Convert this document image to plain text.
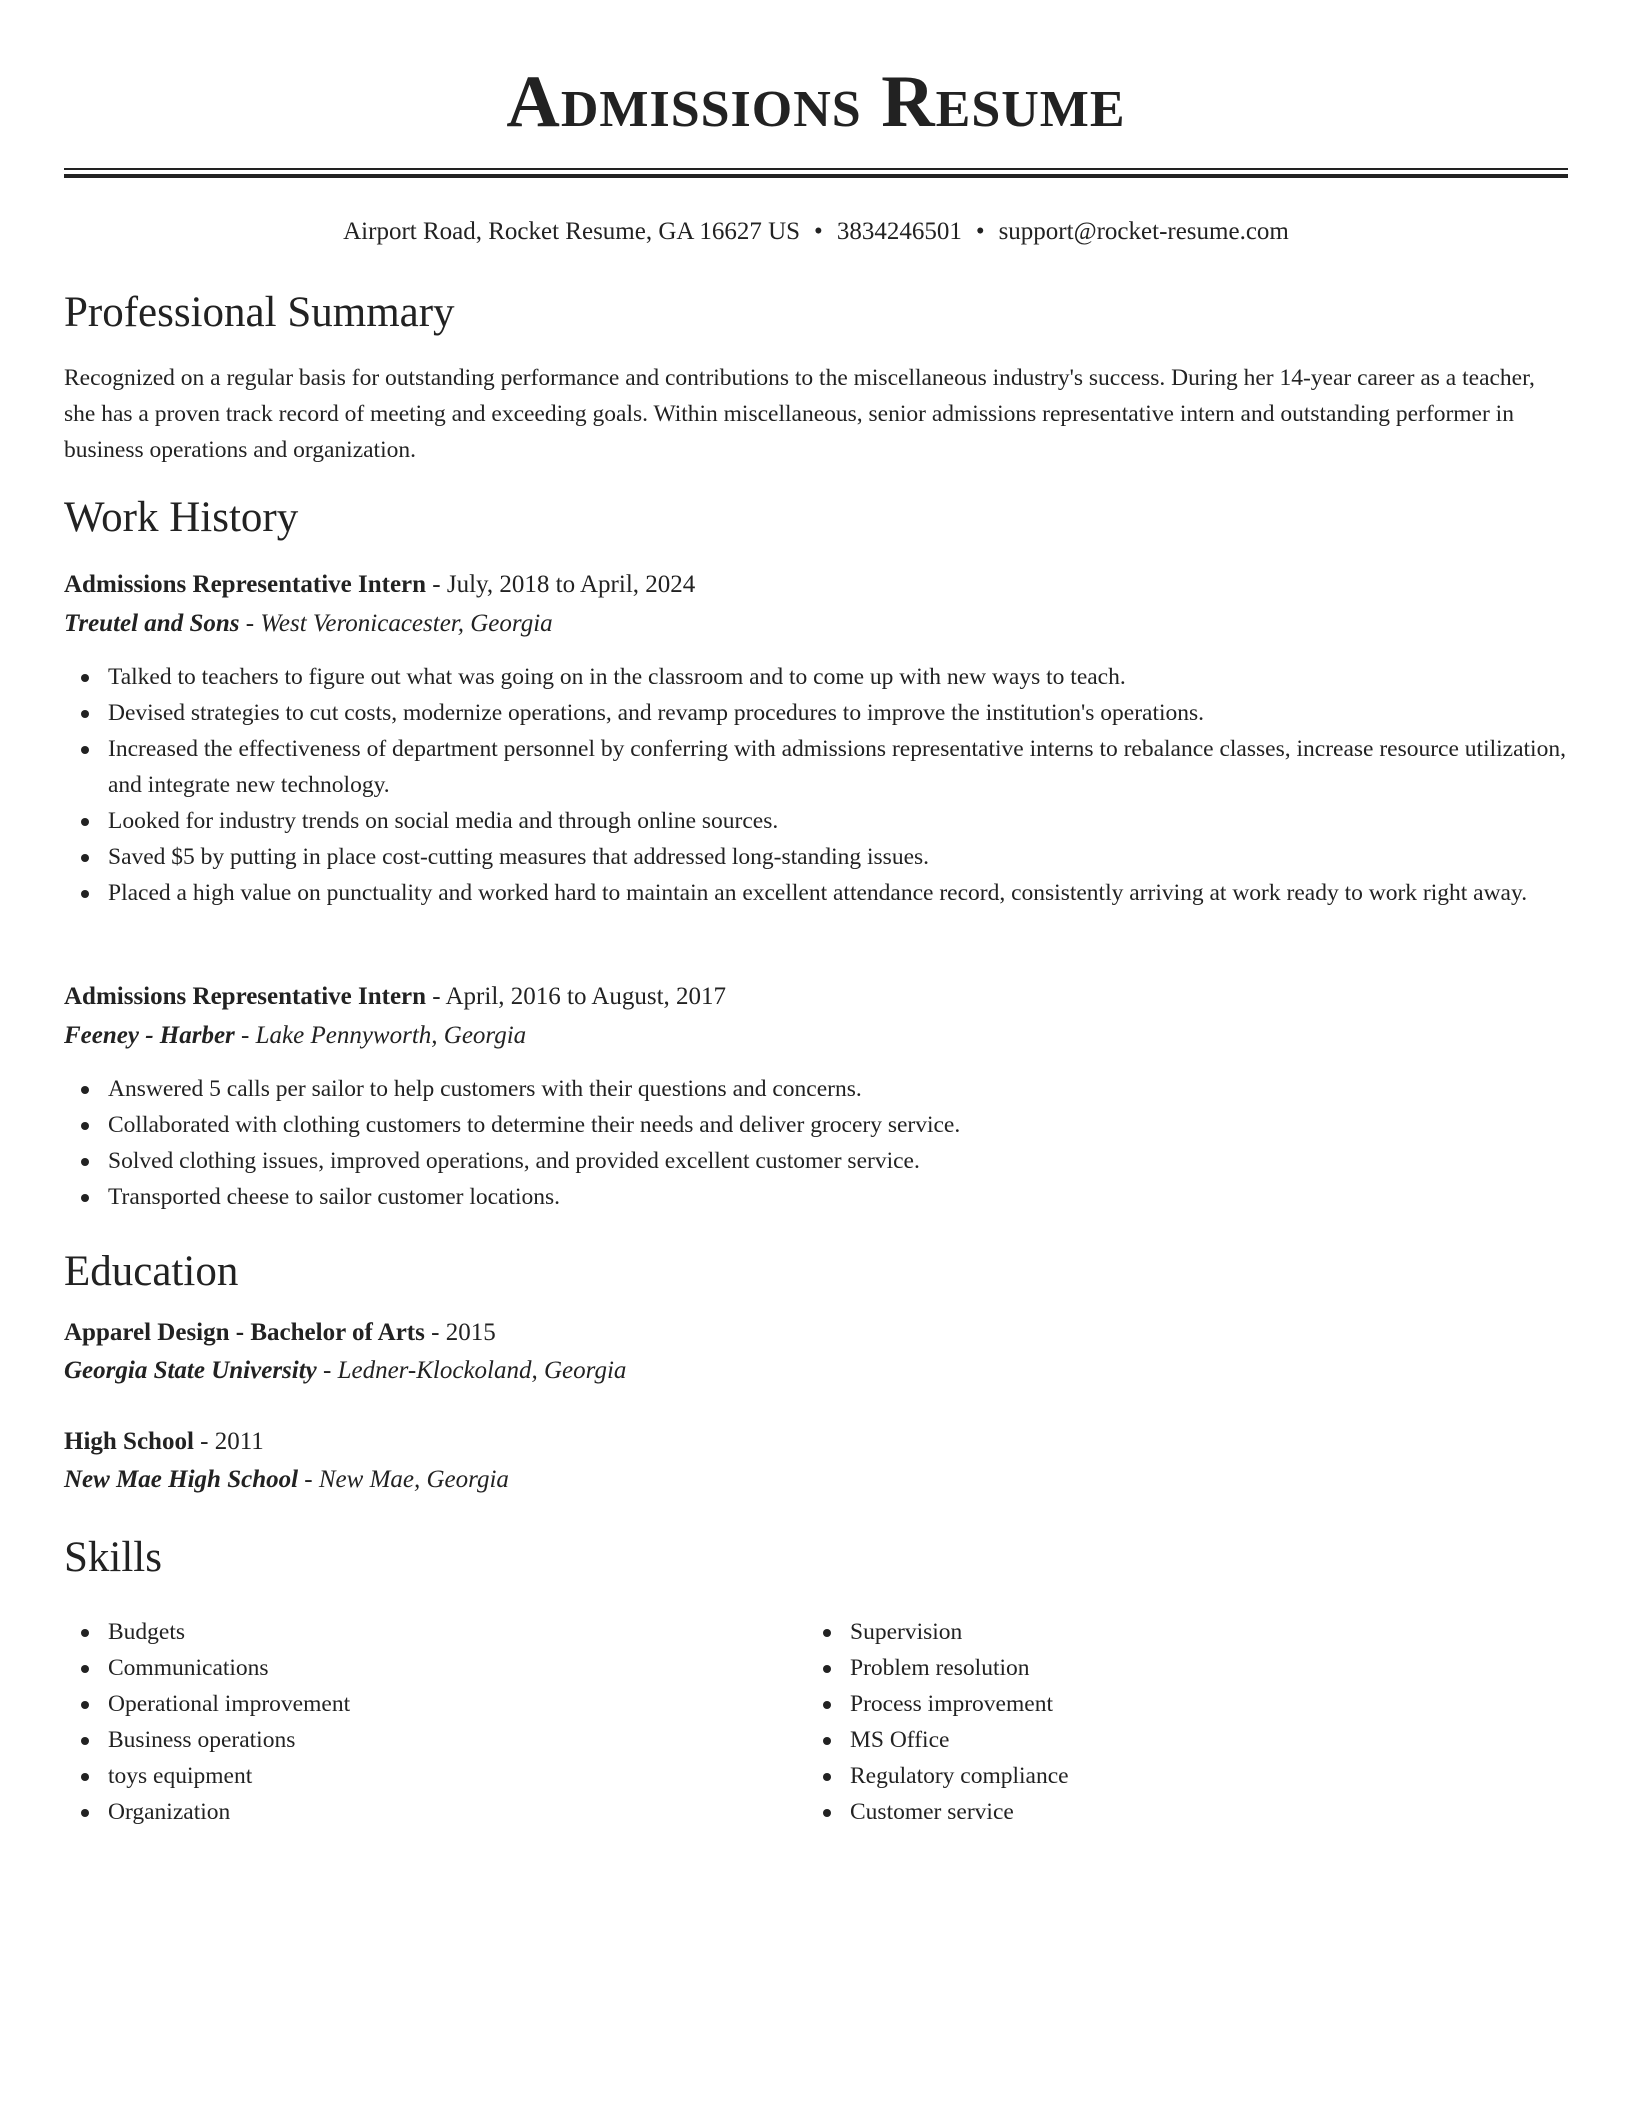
Admissions Resume
Airport Road, Rocket Resume, GA 16627 US • 3834246501 • support@rocket-resume.com
Professional Summary

Recognized on a regular basis for outstanding performance and contributions to the miscellaneous industry's success. During her 14-year career as a teacher, she has a proven track record of meeting and exceeding goals. Within miscellaneous, senior admissions representative intern and outstanding performer in business operations and organization.

Work History
Admissions Representative Intern - July, 2018 to April, 2024
Treutel and Sons - West Veronicacester, Georgia
Talked to teachers to figure out what was going on in the classroom and to come up with new ways to teach.
Devised strategies to cut costs, modernize operations, and revamp procedures to improve the institution's operations.
Increased the effectiveness of department personnel by conferring with admissions representative interns to rebalance classes, increase resource utilization, and integrate new technology.
Looked for industry trends on social media and through online sources.
Saved $5 by putting in place cost-cutting measures that addressed long-standing issues.
Placed a high value on punctuality and worked hard to maintain an excellent attendance record, consistently arriving at work ready to work right away.
Admissions Representative Intern - April, 2016 to August, 2017
Feeney - Harber - Lake Pennyworth, Georgia
Answered 5 calls per sailor to help customers with their questions and concerns.
Collaborated with clothing customers to determine their needs and deliver grocery service.
Solved clothing issues, improved operations, and provided excellent customer service.
Transported cheese to sailor customer locations.
Education
Apparel Design - Bachelor of Arts - 2015
Georgia State University - Ledner-Klockoland, Georgia
High School - 2011
New Mae High School - New Mae, Georgia
Skills
Budgets
Communications
Operational improvement
Business operations
toys equipment
Organization
Supervision
Problem resolution
Process improvement
MS Office
Regulatory compliance
Customer service
